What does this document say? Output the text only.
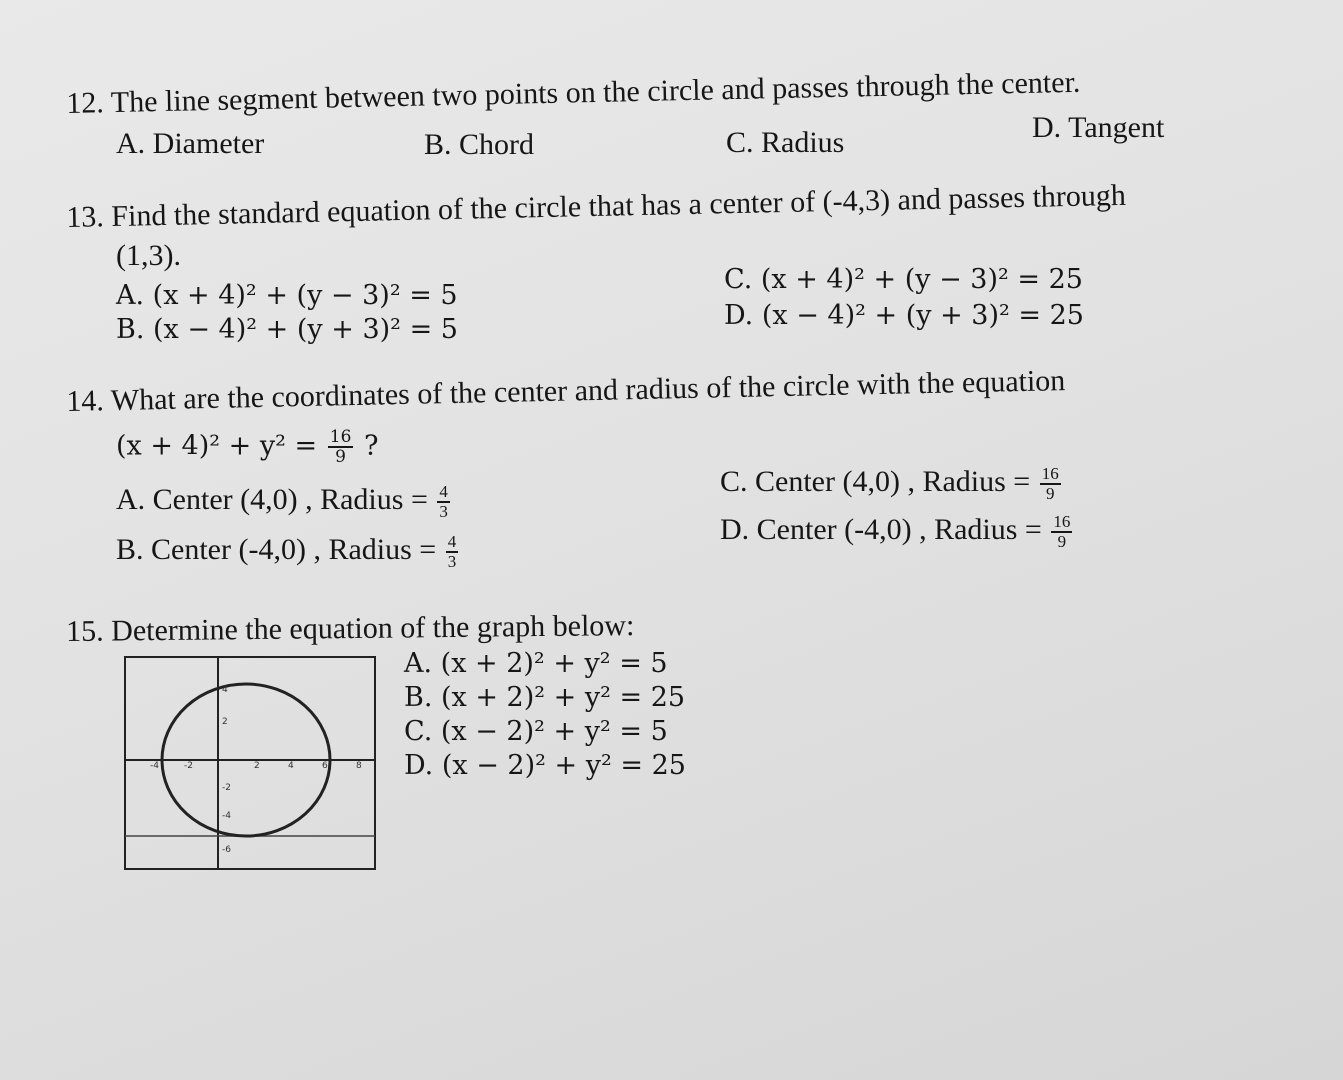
12. The line segment between two points on the circle and passes through the center.
A. Diameter	B. Chord	C. Radius	D. Tangent
13. Find the standard equation of the circle that has a center of (-4,3) and passes through
(1,3).
A. (x + 4)² + (y − 3)² = 5
B. (x − 4)² + (y + 3)² = 5
C. (x + 4)² + (y − 3)² = 25
D. (x − 4)² + (y + 3)² = 25
14. What are the coordinates of the center and radius of the circle with the equation
$(x + 4)^2 + y^2 = \frac{16}{9}$ ?
A. Center (4,0) , Radius = $\frac{4}{3}$
B. Center (-4,0) , Radius = $\frac{4}{3}$
C. Center (4,0) , Radius = $\frac{16}{9}$
D. Center (-4,0) , Radius = $\frac{16}{9}$
15. Determine the equation of the graph below:
A. (x + 2)² + y² = 5
B. (x + 2)² + y² = 25
C. (x − 2)² + y² = 5
D. (x − 2)² + y² = 25
-4	-2	2	4	6	8
4
2
-2
-4
-6
